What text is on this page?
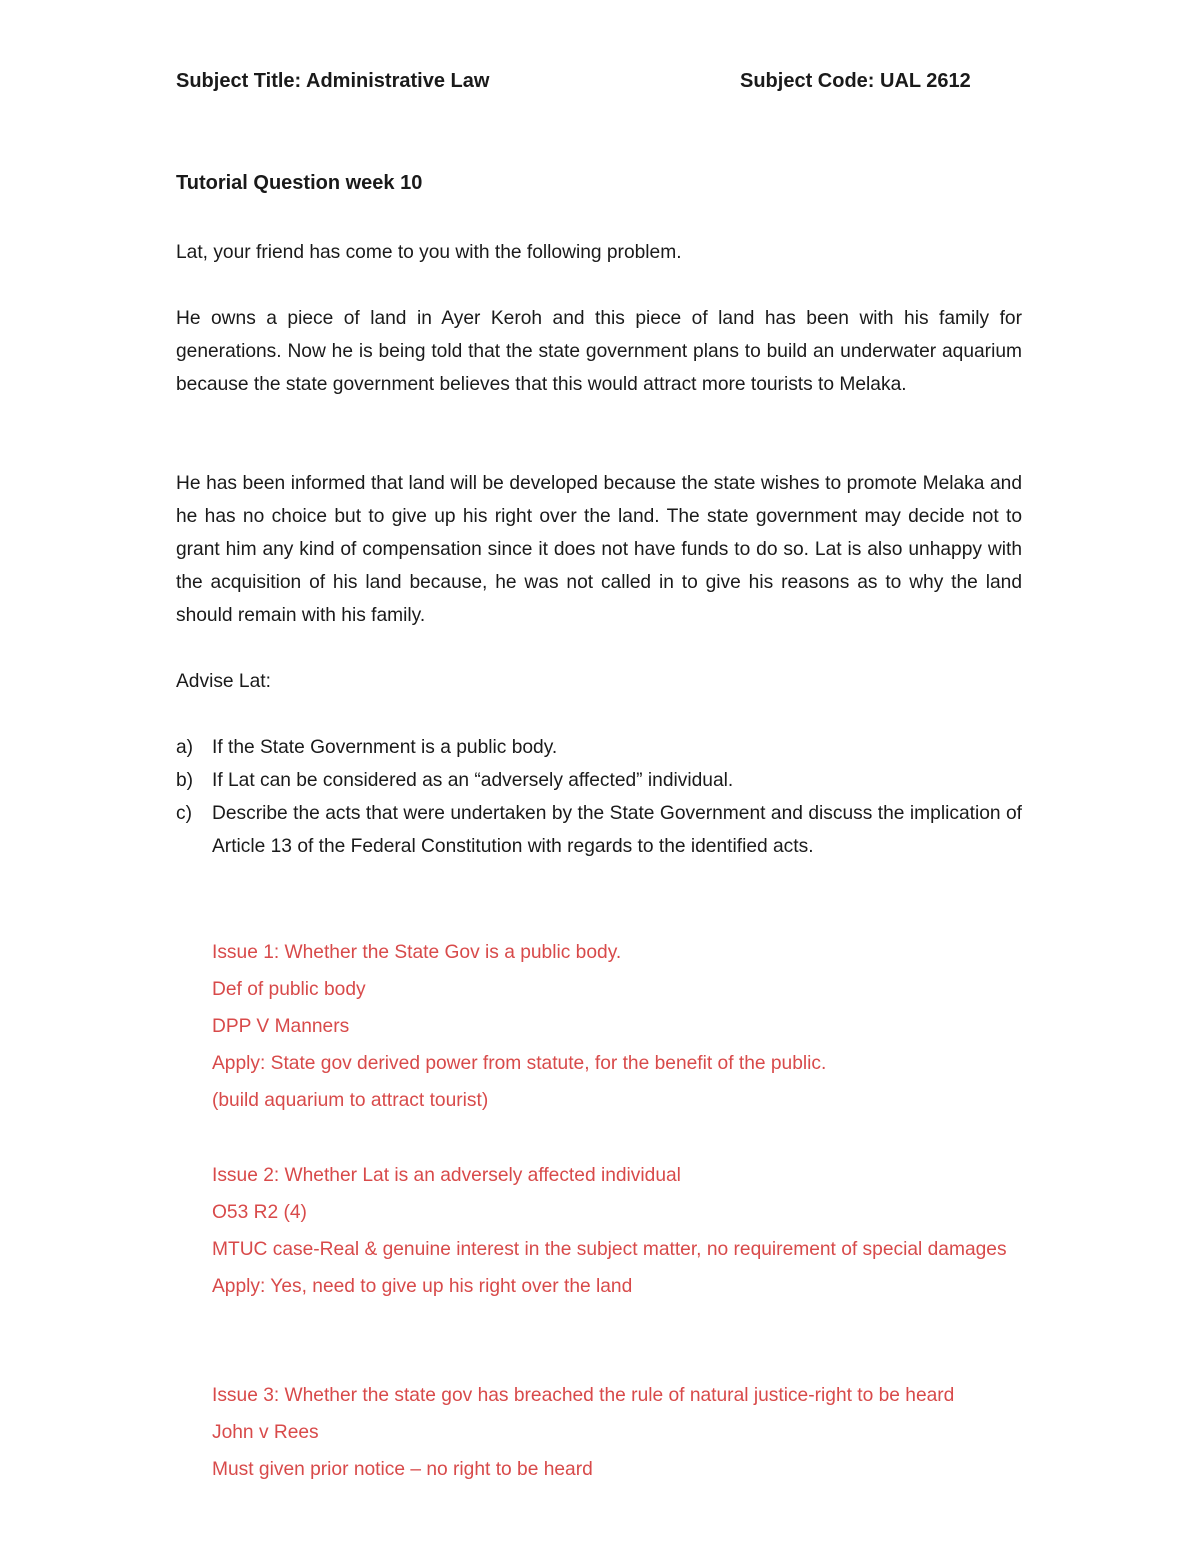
Subject Title: Administrative Law	Subject Code: UAL 2612
Tutorial Question week 10
Lat, your friend has come to you with the following problem.
He owns a piece of land in Ayer Keroh and this piece of land has been with his family for generations. Now he is being told that the state government plans to build an underwater aquarium because the state government believes that this would attract more tourists to Melaka.
He has been informed that land will be developed because the state wishes to promote Melaka and he has no choice but to give up his right over the land. The state government may decide not to grant him any kind of compensation since it does not have funds to do so. Lat is also unhappy with the acquisition of his land because, he was not called in to give his reasons as to why the land should remain with his family.
Advise Lat:
a) If the State Government is a public body.
b) If Lat can be considered as an “adversely affected” individual.
c) Describe the acts that were undertaken by the State Government and discuss the implication of Article 13 of the Federal Constitution with regards to the identified acts.
Issue 1: Whether the State Gov is a public body.
Def of public body
DPP V Manners
Apply: State gov derived power from statute, for the benefit of the public.
(build aquarium to attract tourist)
Issue 2: Whether Lat is an adversely affected individual
O53 R2 (4)
MTUC case-Real & genuine interest in the subject matter, no requirement of special damages
Apply: Yes, need to give up his right over the land
Issue 3: Whether the state gov has breached the rule of natural justice-right to be heard
John v Rees
Must given prior notice – no right to be heard
